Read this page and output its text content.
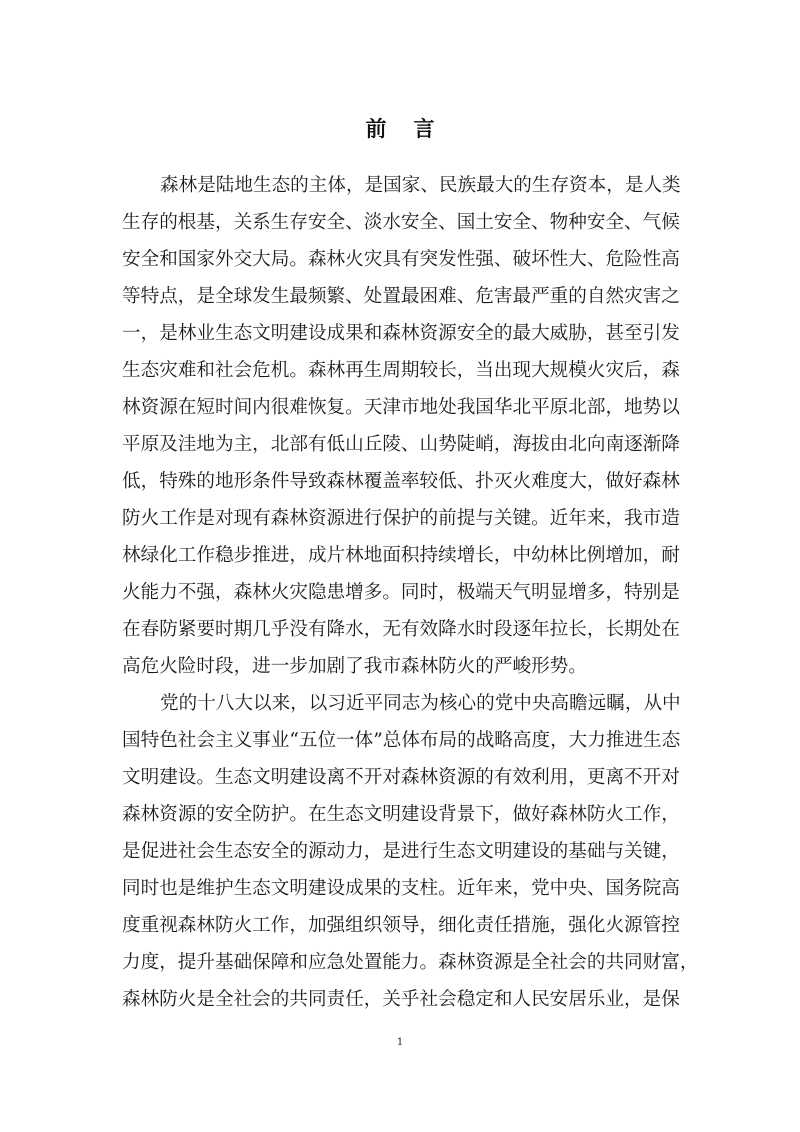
前 言
森林是陆地生态的主体，是国家、民族最大的生存资本，是人类
生存的根基，关系生存安全、淡水安全、国土安全、物种安全、气候
安全和国家外交大局。森林火灾具有突发性强、破坏性大、危险性高
等特点，是全球发生最频繁、处置最困难、危害最严重的自然灾害之
一，是林业生态文明建设成果和森林资源安全的最大威胁，甚至引发
生态灾难和社会危机。森林再生周期较长，当出现大规模火灾后，森
林资源在短时间内很难恢复。天津市地处我国华北平原北部，地势以
平原及洼地为主，北部有低山丘陵、山势陡峭，海拔由北向南逐渐降
低，特殊的地形条件导致森林覆盖率较低、扑灭火难度大，做好森林
防火工作是对现有森林资源进行保护的前提与关键。近年来，我市造
林绿化工作稳步推进，成片林地面积持续增长，中幼林比例增加，耐
火能力不强，森林火灾隐患增多。同时，极端天气明显增多，特别是
在春防紧要时期几乎没有降水，无有效降水时段逐年拉长，长期处在
高危火险时段，进一步加剧了我市森林防火的严峻形势。
党的十八大以来，以习近平同志为核心的党中央高瞻远瞩，从中
国特色社会主义事业“五位一体”总体布局的战略高度，大力推进生态
文明建设。生态文明建设离不开对森林资源的有效利用，更离不开对
森林资源的安全防护。在生态文明建设背景下，做好森林防火工作，
是促进社会生态安全的源动力，是进行生态文明建设的基础与关键，
同时也是维护生态文明建设成果的支柱。近年来，党中央、国务院高
度重视森林防火工作，加强组织领导，细化责任措施，强化火源管控
力度，提升基础保障和应急处置能力。森林资源是全社会的共同财富，
森林防火是全社会的共同责任，关乎社会稳定和人民安居乐业，是保
1
